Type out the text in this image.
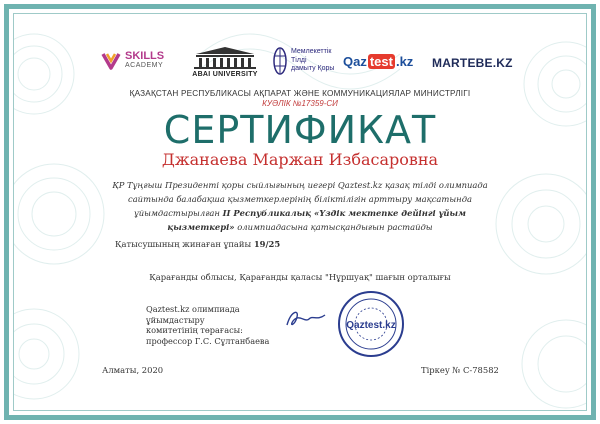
SKILLS
ACADEMY
ABAI UNIVERSITY
Мемлекеттік
Тілді
дамыту Қоры Qaz test .kz MARTEBE.KZ
ҚАЗАҚСТАН РЕСПУБЛИКАСЫ АҚПАРАТ ЖӘНЕ КОММУНИКАЦИЯЛАР МИНИСТРЛІГІ
КУӘЛІК №17359-СИ
СЕРТИФИКАТ
Джанаева Маржан Избасаровна
ҚР Тұңғыш Президенті қоры сыйлығының иегері Qaztest.kz қазақ тілді олимпиада сайтында балабақша қызметкерлерінің біліктілігін арттыру мақсатында ұйымдастырылған ІІ Республикалық «Үздік мектепке дейінгі ұйым қызметкері» олимпиадасына қатысқандығын растайды
Қатысушының жинаған ұпайы 19/25
Қарағанды облысы, Қарағанды қаласы "Нұршуақ" шағын орталығы
Qaztest.kz олимпиада ұйымдастыру
комитетінің төрағасы:
профессор Г.С. Сұлтанбаева
Qaztest.kz
Алматы, 2020	Тіркеу № С-78582
